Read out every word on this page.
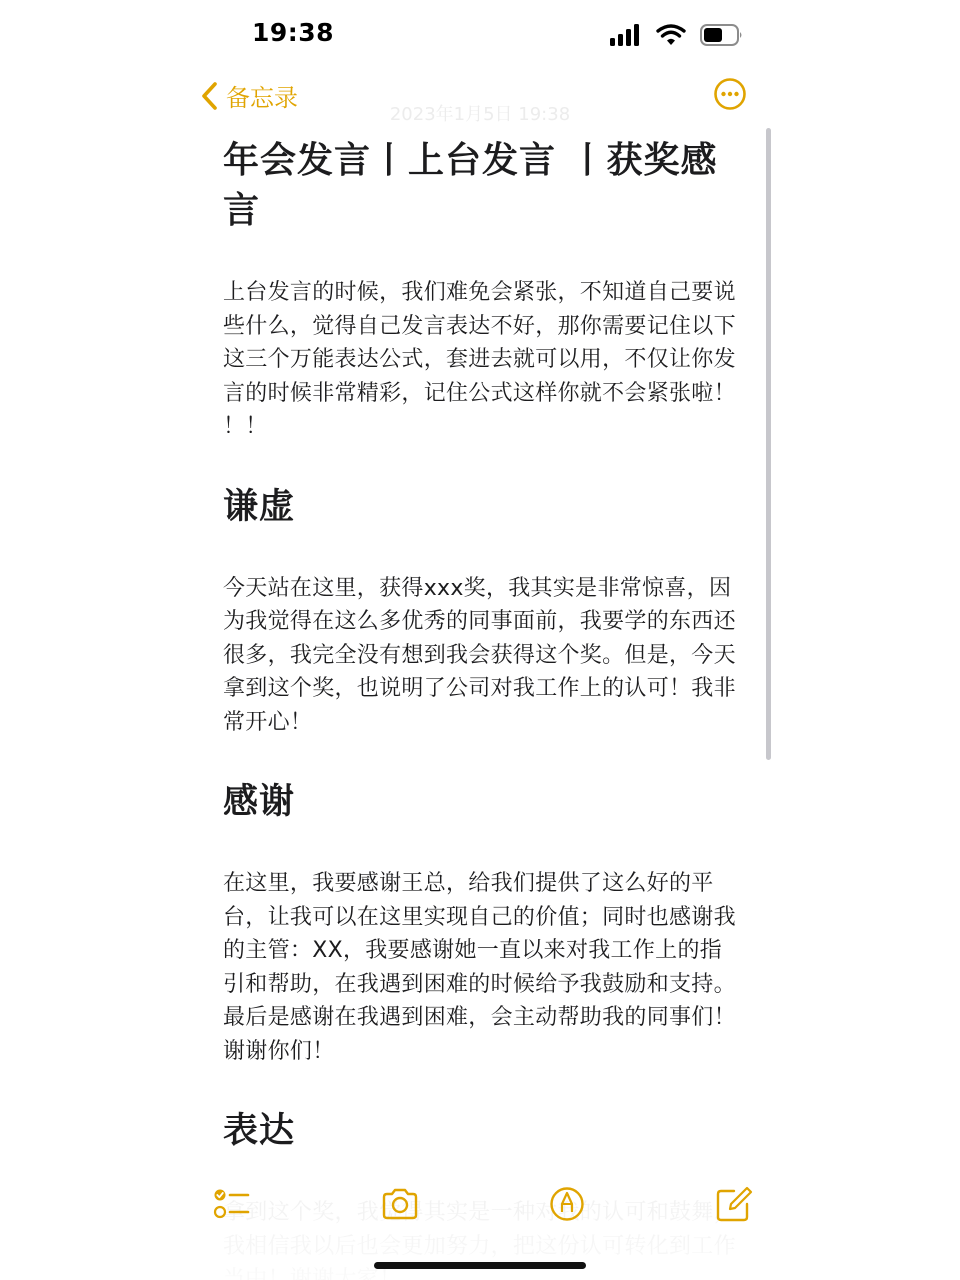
19:38
备忘录
2023年1月5日 19:38
年会发言丨上台发言 丨获奖感言
上台发言的时候，我们难免会紧张，不知道自己要说些什么，觉得自己发言表达不好，那你需要记住以下这三个万能表达公式，套进去就可以用，不仅让你发言的时候非常精彩，记住公式这样你就不会紧张啦！ ！！
谦虚
今天站在这里，获得xxx奖，我其实是非常惊喜，因为我觉得在这么多优秀的同事面前，我要学的东西还很多，我完全没有想到我会获得这个奖。但是，今天拿到这个奖，也说明了公司对我工作上的认可！我非常开心！
感谢
在这里，我要感谢王总，给我们提供了这么好的平台，让我可以在这里实现自己的价值；同时也感谢我的主管：XX，我要感谢她一直以来对我工作上的指引和帮助，在我遇到困难的时候给予我鼓励和支持。 最后是感谢在我遇到困难，会主动帮助我的同事们！ 谢谢你们！
表达
